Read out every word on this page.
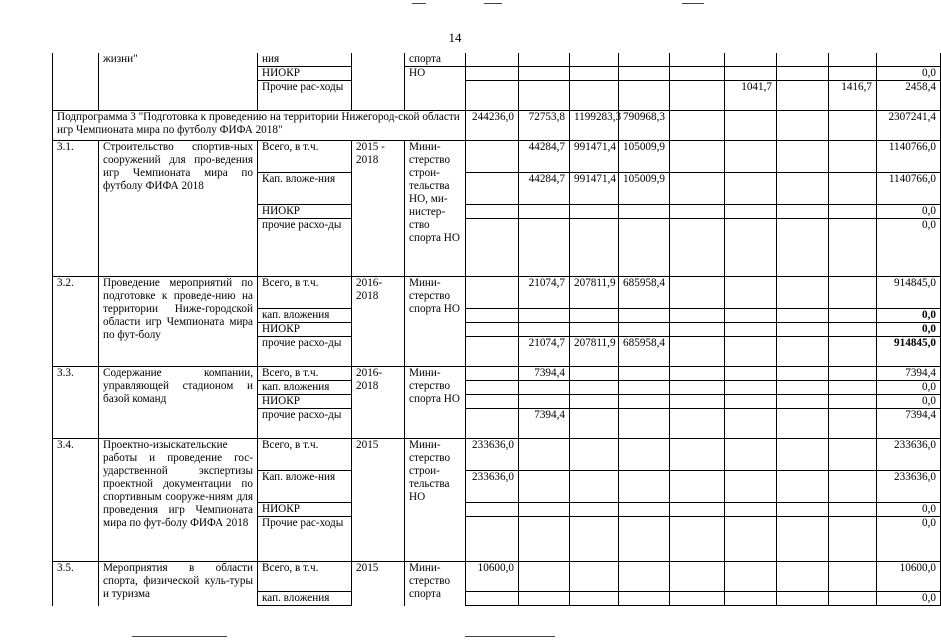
14
	жизни"	ния		спорта									
		НИОКР		НО									0,0
		Прочие рас-ходы								1041,7		1416,7	2458,4
Подпрограмма 3 "Подготовка к проведению на территории Нижегород-ской области игр Чемпионата мира по футболу ФИФА 2018"					244236,0	72753,8	1199283,3	790968,3					2307241,4
3.1.	Строительство спортив-ных сооружений для про-ведения игр Чемпионата мира по футболу ФИФА 2018	Всего, в т.ч.	2015 - 2018	Мини-стерство строи-тельства НО, ми-нистер-ство спорта НО		44284,7	991471,4	105009,9					1140766,0
		Кап. вложе-ния				44284,7	991471,4	105009,9					1140766,0
		НИОКР											0,0
		прочие расхо-ды											0,0
3.2.	Проведение мероприятий по подготовке к проведе-нию на территории Ниже-городской области игр Чемпионата мира по фут-болу	Всего, в т.ч.	2016-2018	Мини-стерство спорта НО		21074,7	207811,9	685958,4					914845,0
		кап. вложения											0,0
		НИОКР											0,0
		прочие расхо-ды				21074,7	207811,9	685958,4					914845,0
3.3.	Содержание компании, управляющей стадионом и базой команд	Всего, в т.ч.	2016-2018	Мини-стерство спорта НО		7394,4							7394,4
		кап. вложения											0,0
		НИОКР											0,0
		прочие расхо-ды				7394,4							7394,4
3.4.	Проектно-изыскательские работы и проведение гос-ударственной экспертизы проектной документации по спортивным сооруже-ниям для проведения игр Чемпионата мира по фут-болу ФИФА 2018	Всего, в т.ч.	2015	Мини-стерство строи-тельства НО	233636,0								233636,0
		Кап. вложе-ния			233636,0								233636,0
		НИОКР											0,0
		Прочие рас-ходы											0,0
3.5.	Мероприятия в области спорта, физической куль-туры и туризма	Всего, в т.ч.	2015	Мини-стерство спорта	10600,0								10600,0
		кап. вложения											0,0
